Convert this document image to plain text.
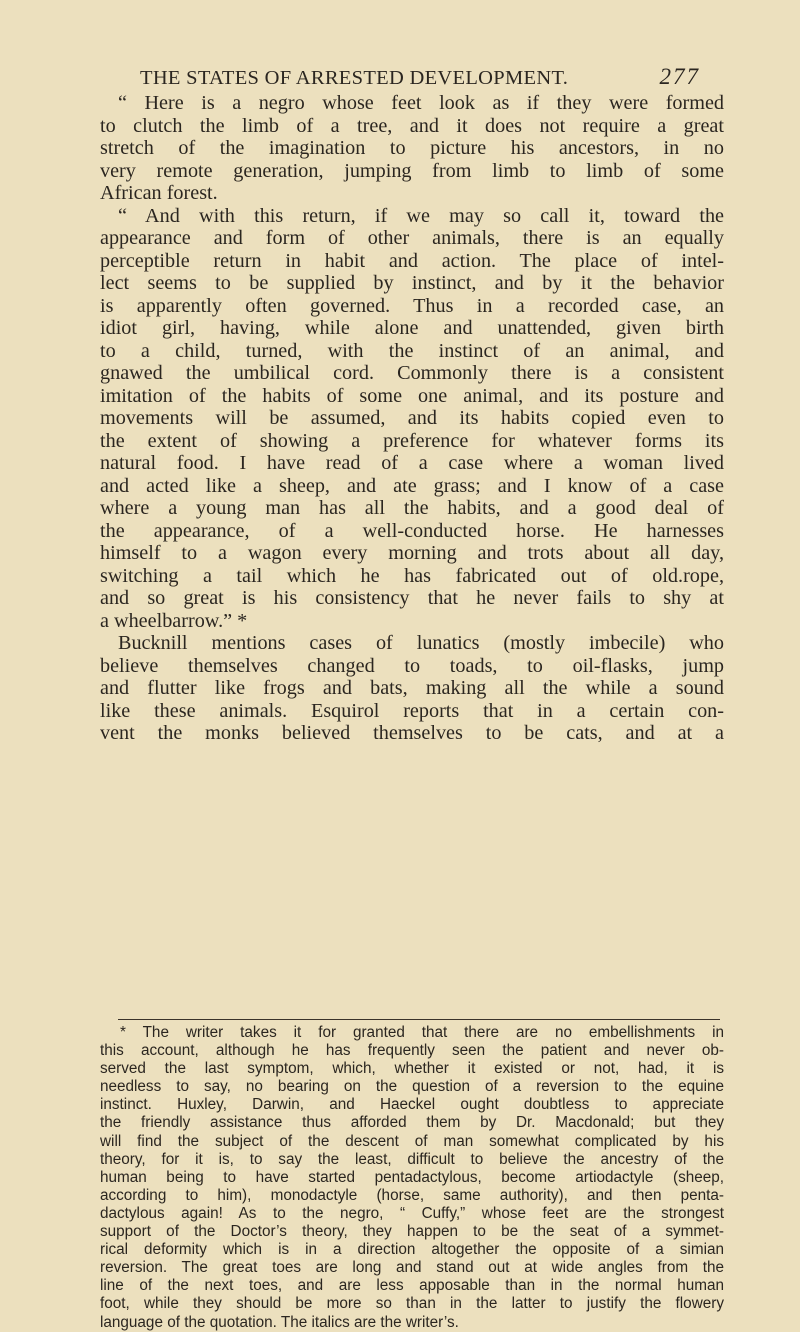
THE STATES OF ARRESTED DEVELOPMENT.	277
“ Here is a negro whose feet look as if they were formed
to clutch the limb of a tree, and it does not require a great
stretch of the imagination to picture his ancestors, in no
very remote generation, jumping from limb to limb of some
African forest.
“ And with this return, if we may so call it, toward the
appearance and form of other animals, there is an equally
perceptible return in habit and action. The place of intel-
lect seems to be supplied by instinct, and by it the behavior
is apparently often governed. Thus in a recorded case, an
idiot girl, having, while alone and unattended, given birth
to a child, turned, with the instinct of an animal, and
gnawed the umbilical cord. Commonly there is a consistent
imitation of the habits of some one animal, and its posture and
movements will be assumed, and its habits copied even to
the extent of showing a preference for whatever forms its
natural food. I have read of a case where a woman lived
and acted like a sheep, and ate grass; and I know of a case
where a young man has all the habits, and a good deal of
the appearance, of a well-conducted horse. He harnesses
himself to a wagon every morning and trots about all day,
switching a tail which he has fabricated out of old.rope,
and so great is his consistency that he never fails to shy at
a wheelbarrow.” *
Bucknill mentions cases of lunatics (mostly imbecile) who
believe themselves changed to toads, to oil-flasks, jump
and flutter like frogs and bats, making all the while a sound
like these animals. Esquirol reports that in a certain con-
vent the monks believed themselves to be cats, and at a
* The writer takes it for granted that there are no embellishments in
this account, although he has frequently seen the patient and never ob-
served the last symptom, which, whether it existed or not, had, it is
needless to say, no bearing on the question of a reversion to the equine
instinct. Huxley, Darwin, and Haeckel ought doubtless to appreciate
the friendly assistance thus afforded them by Dr. Macdonald; but they
will find the subject of the descent of man somewhat complicated by his
theory, for it is, to say the least, difficult to believe the ancestry of the
human being to have started pentadactylous, become artiodactyle (sheep,
according to him), monodactyle (horse, same authority), and then penta-
dactylous again! As to the negro, “ Cuffy,” whose feet are the strongest
support of the Doctor’s theory, they happen to be the seat of a symmet-
rical deformity which is in a direction altogether the opposite of a simian
reversion. The great toes are long and stand out at wide angles from the
line of the next toes, and are less apposable than in the normal human
foot, while they should be more so than in the latter to justify the flowery
language of the quotation. The italics are the writer’s.
